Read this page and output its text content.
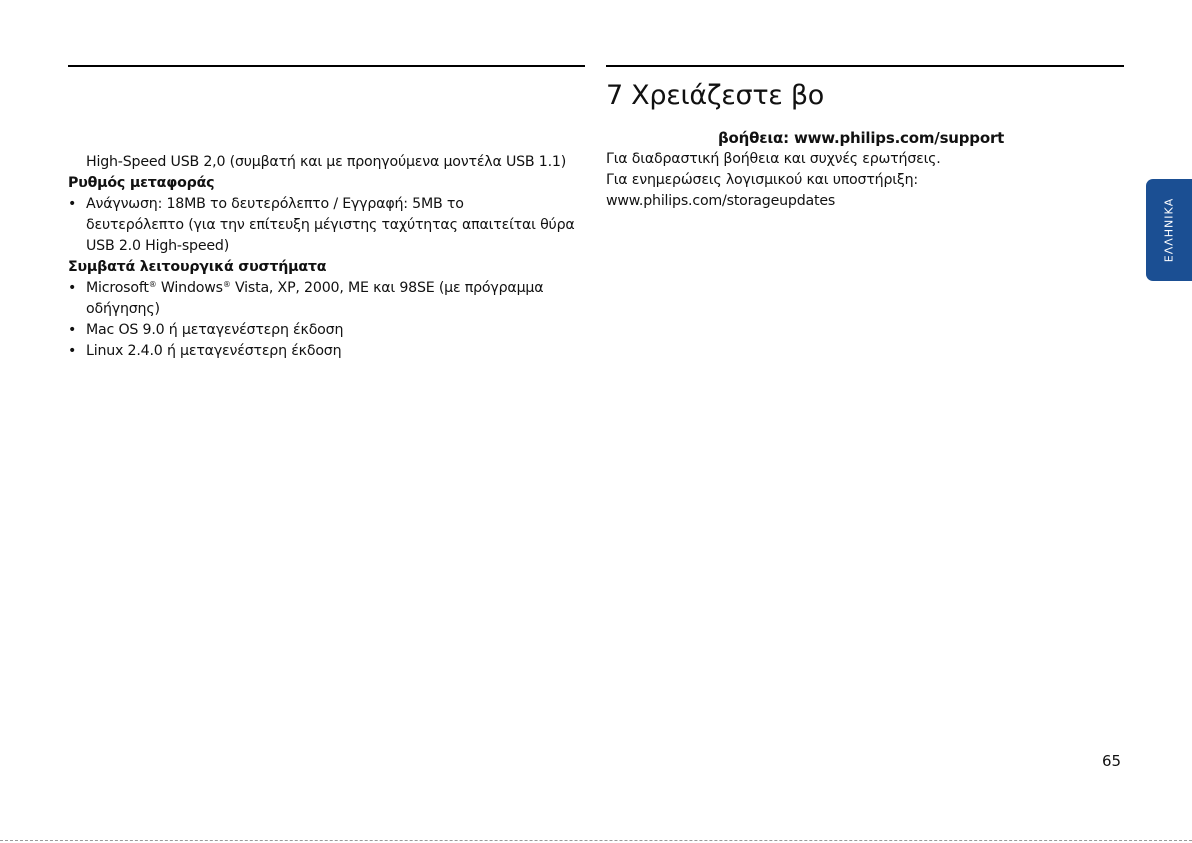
High-Speed USB 2,0 (συμβατή και με προηγούμενα μοντέλα USB 1.1)
Ρυθμός μεταφοράς
• Ανάγνωση: 18MB το δευτερόλεπτο / Εγγραφή: 5MB το
δευτερόλεπτο (για την επίτευξη μέγιστης ταχύτητας απαιτείται θύρα
USB 2.0 High-speed)
Συμβατά λειτουργικά συστήματα
• Microsoft® Windows® Vista, XP, 2000, ME και 98SE (με πρόγραμμα
οδήγησης)
• Mac OS 9.0 ή μεταγενέστερη έκδοση
• Linux 2.4.0 ή μεταγενέστερη έκδοση
7 Χρειάζεστε βο
βοήθεια: www.philips.com/support
Για διαδραστική βοήθεια και συχνές ερωτήσεις.
Για ενημερώσεις λογισμικού και υποστήριξη:
www.philips.com/storageupdates	ΕΛΛΗΝΙΚΑ
65
